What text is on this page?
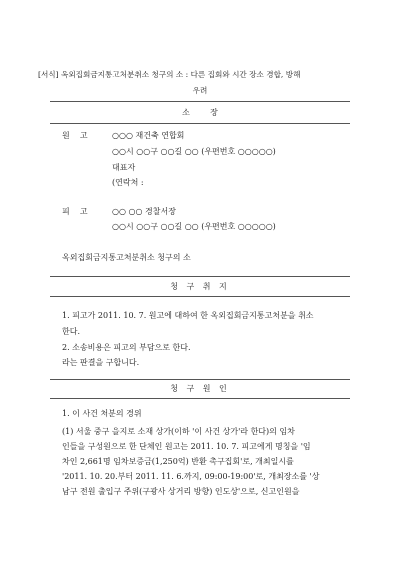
[서식] 옥외집회금지통고처분취소 청구의 소 : 다른 집회와 시간 장소 경합, 방해
우려
소        장
원    고	○○○ 재건축 연합회
○○시 ○○구 ○○길 ○○ (우편번호 ○○○○○)
대표자
(연락처 :
피    고	○○ ○○ 경찰서장
○○시 ○○구 ○○길 ○○ (우편번호 ○○○○○)
옥외집회금지통고처분취소 청구의 소
청 구 취 지
1. 피고가 2011. 10. 7. 원고에 대하여 한 옥외집회금지통고처분을 취소
한다.
2. 소송비용은 피고의 부담으로 한다.
라는 판결을 구합니다.
청 구 원 인
1. 이 사건 처분의 경위
(1) 서울 중구 을지로 소재 상가(이하 '이 사건 상가'라 한다)의 임차
인들을 구성원으로 한 단체인 원고는 2011. 10. 7. 피고에게 명칭을 '임
차인 2,661명 임차보증금(1,250억) 반환 촉구집회'로, 개최일시를
'2011. 10. 20.부터 2011. 11. 6.까지, 09:00-19:00'로, 개최장소를 '상
남구 전원 출입구 주위(구광사 상거리 방향) 인도상'으로, 신고인원을
